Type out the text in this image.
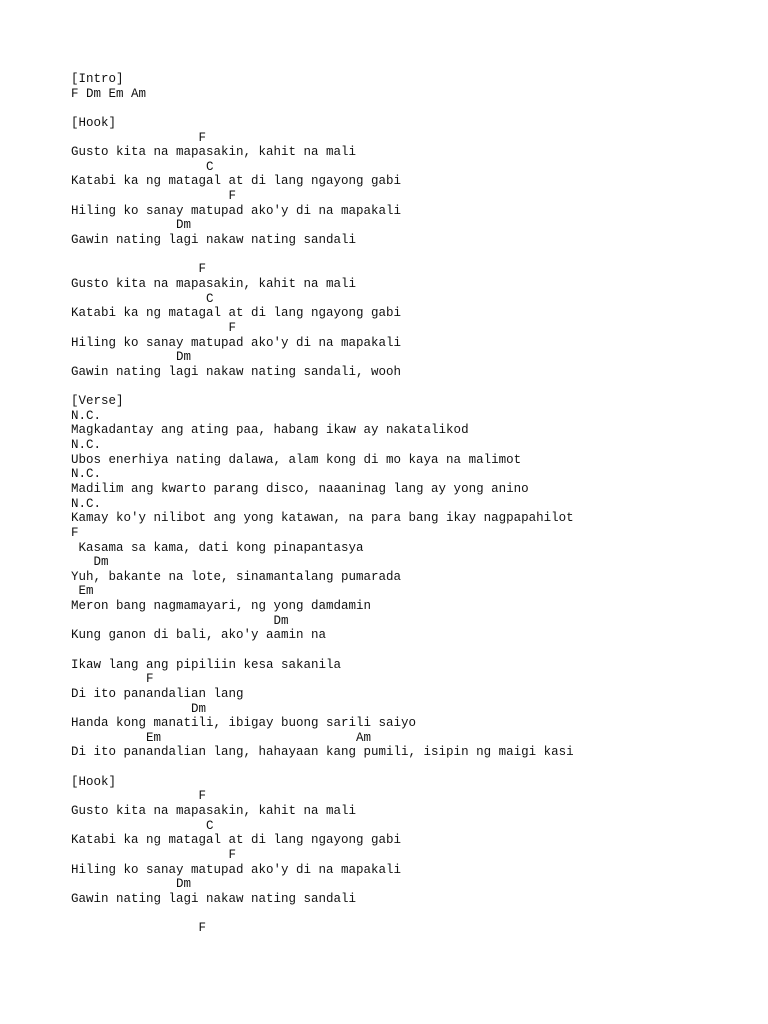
[Intro]
F Dm Em Am
[Hook]
F
Gusto kita na mapasakin, kahit na mali
C
Katabi ka ng matagal at di lang ngayong gabi
F
Hiling ko sanay matupad ako'y di na mapakali
Dm
Gawin nating lagi nakaw nating sandali
F
Gusto kita na mapasakin, kahit na mali
C
Katabi ka ng matagal at di lang ngayong gabi
F
Hiling ko sanay matupad ako'y di na mapakali
Dm
Gawin nating lagi nakaw nating sandali, wooh
[Verse]
N.C.
Magkadantay ang ating paa, habang ikaw ay nakatalikod
N.C.
Ubos enerhiya nating dalawa, alam kong di mo kaya na malimot
N.C.
Madilim ang kwarto parang disco, naaaninag lang ay yong anino
N.C.
Kamay ko'y nilibot ang yong katawan, na para bang ikay nagpapahilot
F
Kasama sa kama, dati kong pinapantasya
Dm
Yuh, bakante na lote, sinamantalang pumarada
Em
Meron bang nagmamayari, ng yong damdamin
Dm
Kung ganon di bali, ako'y aamin na
Ikaw lang ang pipiliin kesa sakanila
F
Di ito panandalian lang
Dm
Handa kong manatili, ibigay buong sarili saiyo
Em                          Am
Di ito panandalian lang, hahayaan kang pumili, isipin ng maigi kasi
[Hook]
F
Gusto kita na mapasakin, kahit na mali
C
Katabi ka ng matagal at di lang ngayong gabi
F
Hiling ko sanay matupad ako'y di na mapakali
Dm
Gawin nating lagi nakaw nating sandali
F
